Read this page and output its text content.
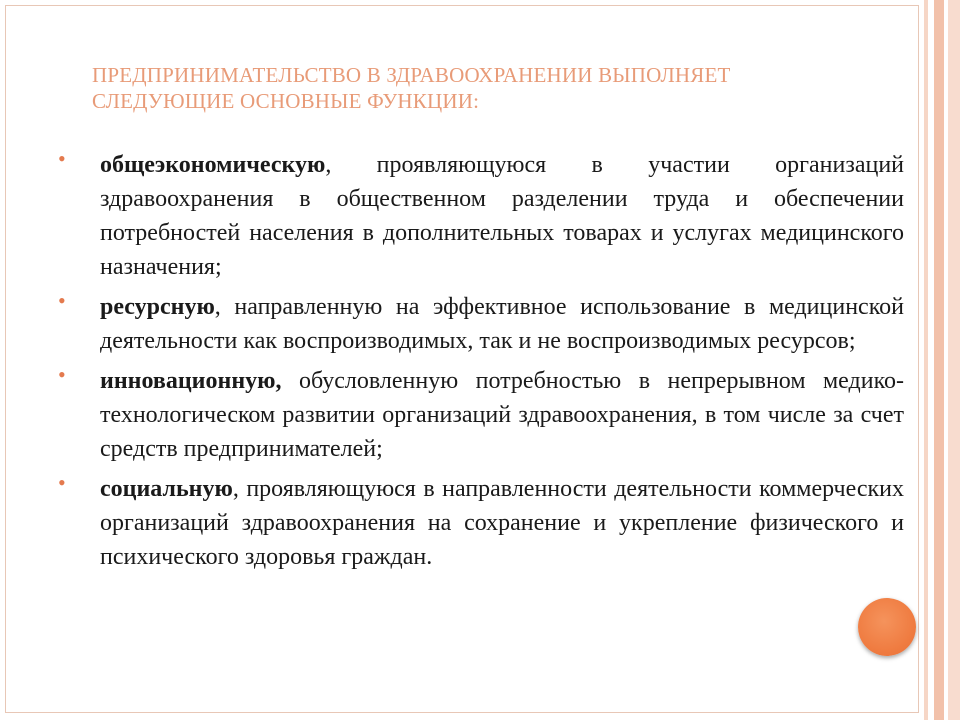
ПРЕДПРИНИМАТЕЛЬСТВО В ЗДРАВООХРАНЕНИИ ВЫПОЛНЯЕТ СЛЕДУЮЩИЕ ОСНОВНЫЕ ФУНКЦИИ:
• общеэкономическую, проявляющуюся в участии организаций здравоохранения в общественном разделении труда и обеспечении потребностей населения в дополнительных товарах и услугах медицинского назначения;
• ресурсную, направленную на эффективное использование в медицинской деятельности как воспроизводимых, так и не воспроизводимых ресурсов;
• инновационную, обусловленную потребностью в непрерывном медико-технологическом развитии организаций здравоохранения, в том числе за счет средств предпринимателей;
• социальную, проявляющуюся в направленности деятельности коммерческих организаций здравоохранения на сохранение и укрепление физического и психического здоровья граждан.
